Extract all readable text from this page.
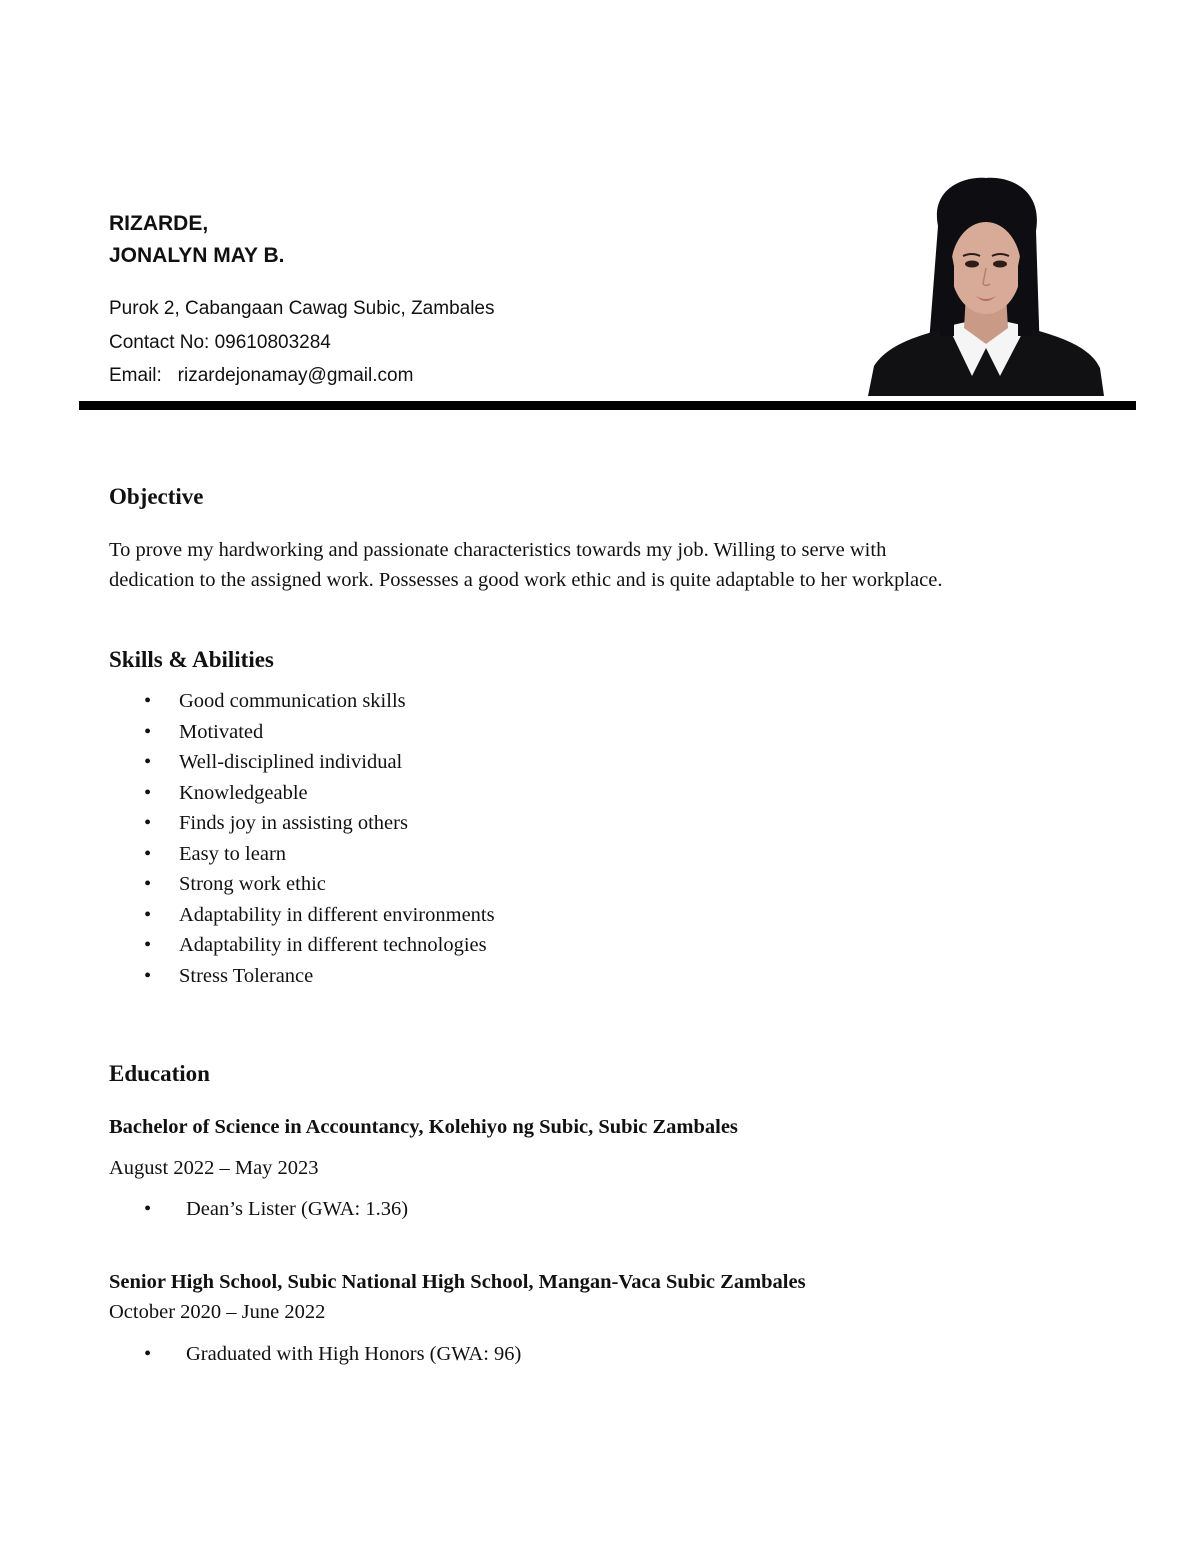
RIZARDE,
JONALYN MAY B.
Purok 2, Cabangaan Cawag Subic, Zambales
Contact No: 09610803284
Email: rizardejonamay@gmail.com
Objective
To prove my hardworking and passionate characteristics towards my job. Willing to serve with
dedication to the assigned work. Possesses a good work ethic and is quite adaptable to her workplace.
Skills & Abilities
• Good communication skills
• Motivated
• Well-disciplined individual
• Knowledgeable
• Finds joy in assisting others
• Easy to learn
• Strong work ethic
• Adaptability in different environments
• Adaptability in different technologies
• Stress Tolerance
Education
Bachelor of Science in Accountancy, Kolehiyo ng Subic, Subic Zambales
August 2022 – May 2023
• Dean’s Lister (GWA: 1.36)
Senior High School, Subic National High School, Mangan-Vaca Subic Zambales
October 2020 – June 2022
• Graduated with High Honors (GWA: 96)
